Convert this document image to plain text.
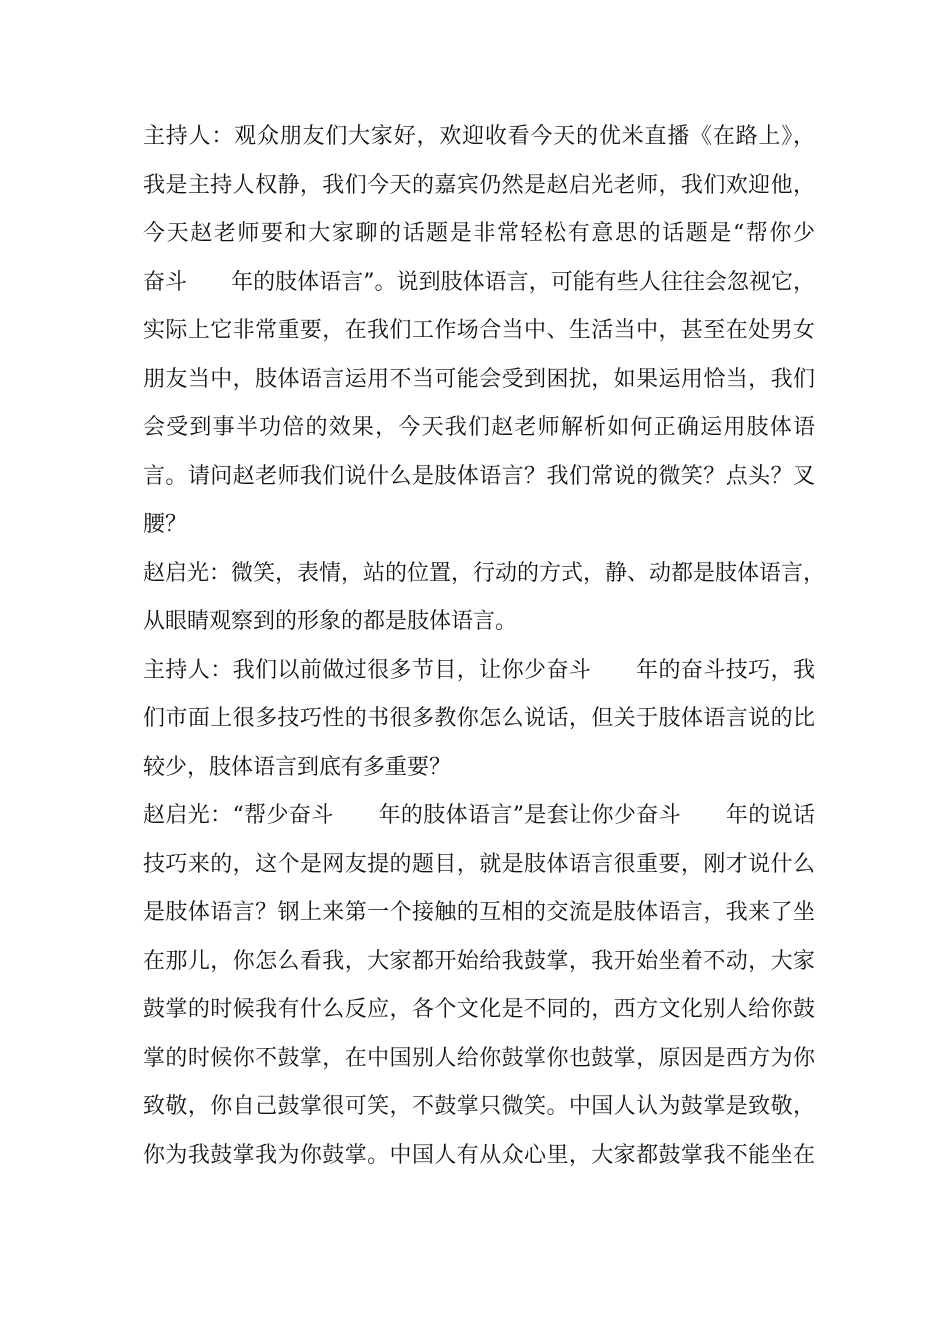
主持人：观众朋友们大家好，欢迎收看今天的优米直播《在路上》，
我是主持人权静，我们今天的嘉宾仍然是赵启光老师，我们欢迎他，
今天赵老师要和大家聊的话题是非常轻松有意思的话题是“帮你少
奋斗　　年的肢体语言”。说到肢体语言，可能有些人往往会忽视它，
实际上它非常重要，在我们工作场合当中、生活当中，甚至在处男女
朋友当中，肢体语言运用不当可能会受到困扰，如果运用恰当，我们
会受到事半功倍的效果，今天我们赵老师解析如何正确运用肢体语
言。请问赵老师我们说什么是肢体语言？我们常说的微笑？点头？叉
腰？
赵启光：微笑，表情，站的位置，行动的方式，静、动都是肢体语言，
从眼睛观察到的形象的都是肢体语言。
主持人：我们以前做过很多节目，让你少奋斗　　年的奋斗技巧，我
们市面上很多技巧性的书很多教你怎么说话，但关于肢体语言说的比
较少，肢体语言到底有多重要？
赵启光：“帮少奋斗　　年的肢体语言”是套让你少奋斗　　年的说话
技巧来的，这个是网友提的题目，就是肢体语言很重要，刚才说什么
是肢体语言？钢上来第一个接触的互相的交流是肢体语言，我来了坐
在那儿，你怎么看我，大家都开始给我鼓掌，我开始坐着不动，大家
鼓掌的时候我有什么反应，各个文化是不同的，西方文化别人给你鼓
掌的时候你不鼓掌，在中国别人给你鼓掌你也鼓掌，原因是西方为你
致敬，你自己鼓掌很可笑，不鼓掌只微笑。中国人认为鼓掌是致敬，
你为我鼓掌我为你鼓掌。中国人有从众心里，大家都鼓掌我不能坐在
